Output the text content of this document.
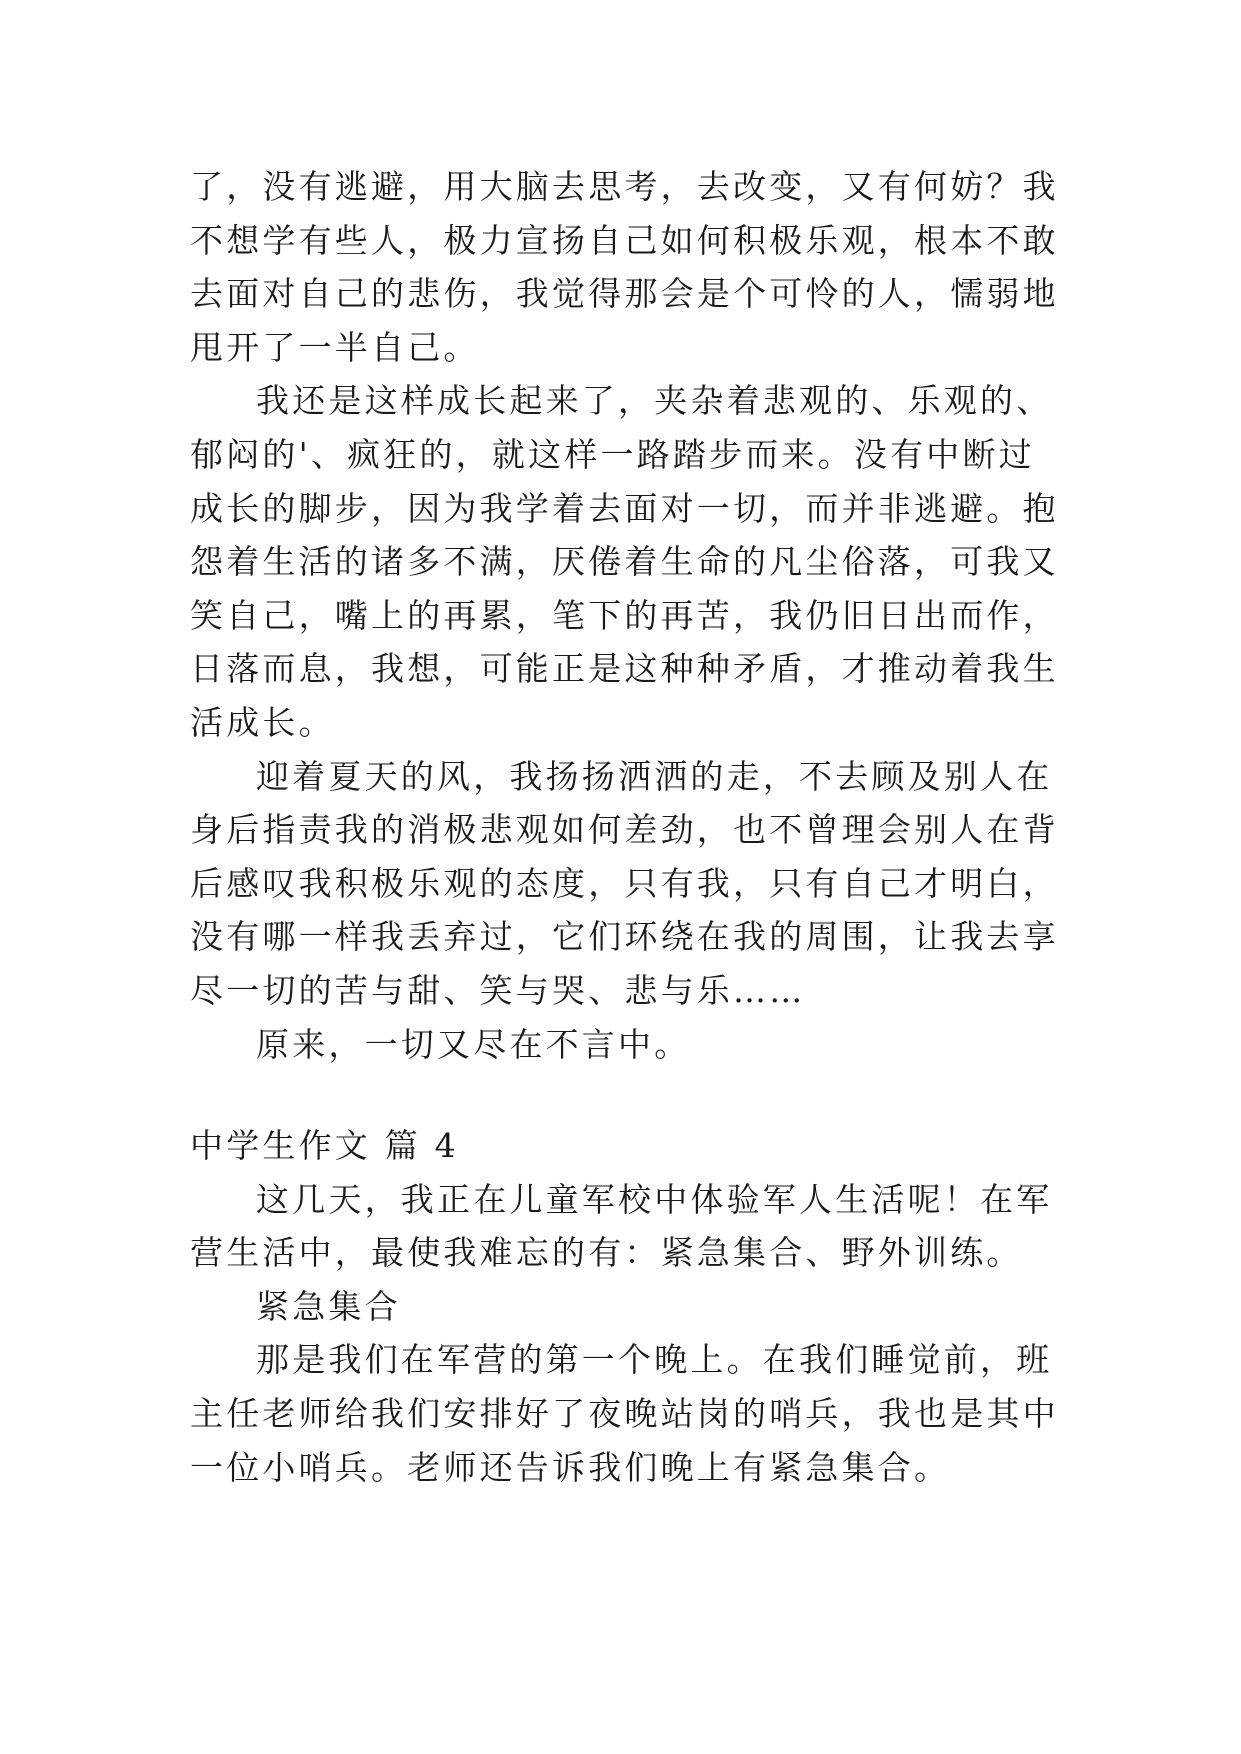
了，没有逃避，用大脑去思考，去改变，又有何妨？我不想学有些人，极力宣扬自己如何积极乐观，根本不敢去面对自己的悲伤，我觉得那会是个可怜的人，懦弱地甩开了一半自己。

我还是这样成长起来了，夹杂着悲观的、乐观的、郁闷的'、疯狂的，就这样一路踏步而来。没有中断过成长的脚步，因为我学着去面对一切，而并非逃避。抱怨着生活的诸多不满，厌倦着生命的凡尘俗落，可我又笑自己，嘴上的再累，笔下的再苦，我仍旧日出而作，日落而息，我想，可能正是这种种矛盾，才推动着我生活成长。

迎着夏天的风，我扬扬洒洒的走，不去顾及别人在身后指责我的消极悲观如何差劲，也不曾理会别人在背后感叹我积极乐观的态度，只有我，只有自己才明白，没有哪一样我丢弃过，它们环绕在我的周围，让我去享尽一切的苦与甜、笑与哭、悲与乐……

原来，一切又尽在不言中。

中学生作文 篇 4

这几天，我正在儿童军校中体验军人生活呢！在军营生活中，最使我难忘的有：紧急集合、野外训练。

紧急集合

那是我们在军营的第一个晚上。在我们睡觉前，班主任老师给我们安排好了夜晚站岗的哨兵，我也是其中一位小哨兵。老师还告诉我们晚上有紧急集合。
